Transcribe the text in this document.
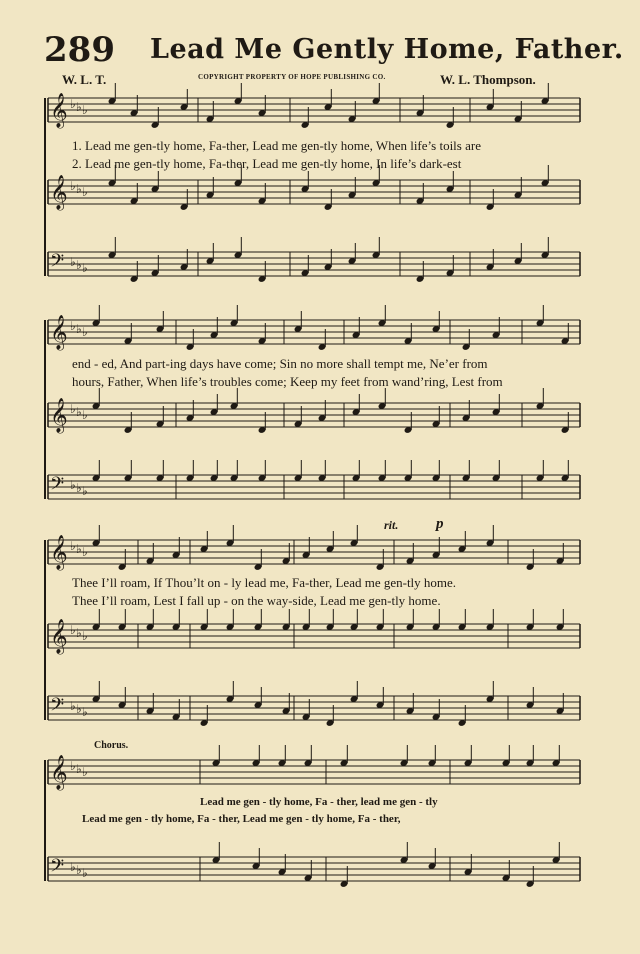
289 Lead Me Gently Home, Father.
W. L. T.	COPYRIGHT PROPERTY OF HOPE PUBLISHING CO.	W. L. Thompson.
𝄞 ♭ ♭ ♭
𝄞 ♭ ♭ ♭
𝄢 ♭ ♭ ♭
𝄞 ♭ ♭ ♭
𝄞 ♭ ♭ ♭
𝄢 ♭ ♭ ♭
𝄞 ♭ ♭ ♭
𝄞 ♭ ♭ ♭
𝄢 ♭ ♭ ♭
𝄞 ♭ ♭ ♭
𝄢 ♭ ♭ ♭
1. Lead me gen-tly home, Fa-ther, Lead me gen-tly home, When life’s toils are
2. Lead me gen-tly home, Fa-ther, Lead me gen-tly home, In life’s dark-est
end - ed, And part-ing days have come; Sin no more shall tempt me, Ne’er from
hours, Father, When life’s troubles come; Keep my feet from wand’ring, Lest from
Thee I’ll roam, If Thou’lt on - ly lead me, Fa-ther, Lead me gen-tly home.
Thee I’ll roam, Lest I fall up - on the way-side, Lead me gen-tly home.
rit.	p
Chorus.
Lead me gen - tly home, Fa - ther, lead me gen - tly
Lead me gen - tly home, Fa - ther, Lead me gen - tly home, Fa - ther,
